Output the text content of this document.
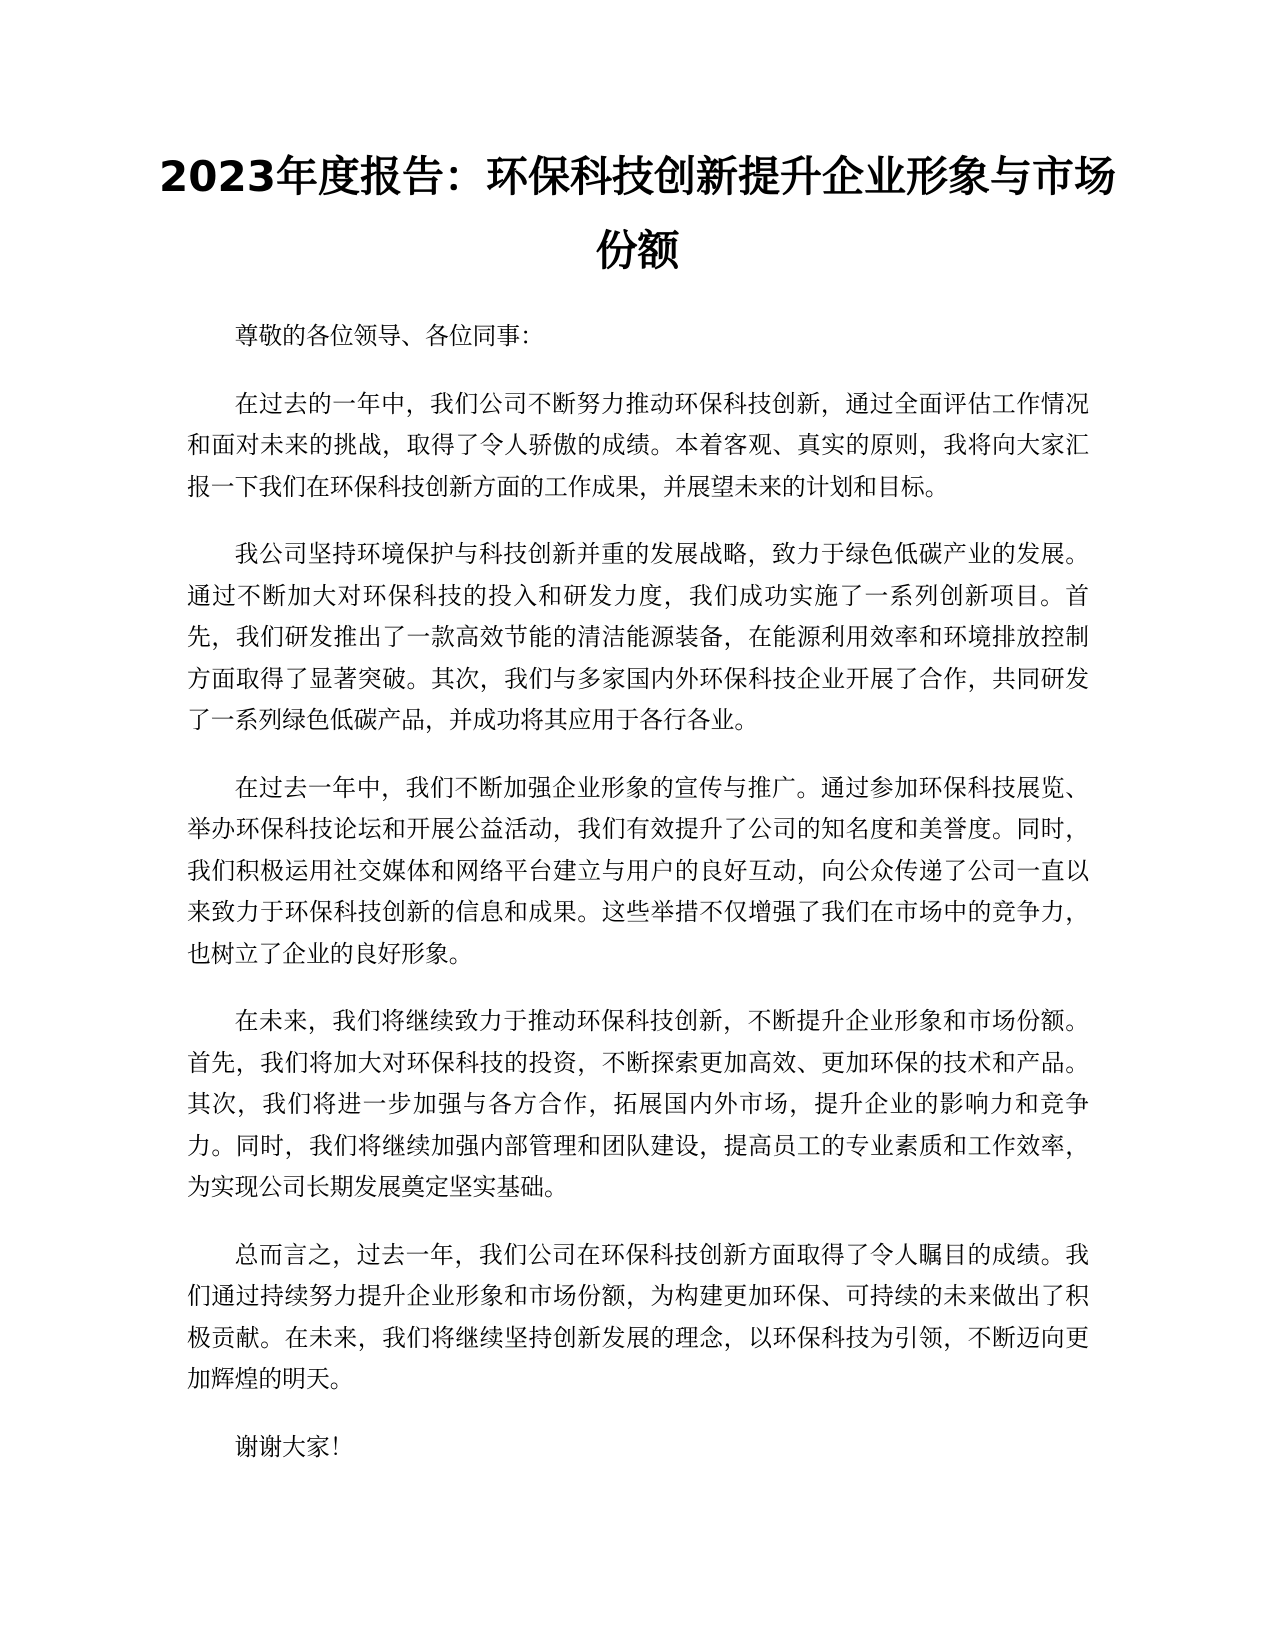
2023年度报告：环保科技创新提升企业形象与市场份额

尊敬的各位领导、各位同事：

在过去的一年中，我们公司不断努力推动环保科技创新，通过全面评估工作情况和面对未来的挑战，取得了令人骄傲的成绩。本着客观、真实的原则，我将向大家汇报一下我们在环保科技创新方面的工作成果，并展望未来的计划和目标。

我公司坚持环境保护与科技创新并重的发展战略，致力于绿色低碳产业的发展。通过不断加大对环保科技的投入和研发力度，我们成功实施了一系列创新项目。首先，我们研发推出了一款高效节能的清洁能源装备，在能源利用效率和环境排放控制方面取得了显著突破。其次，我们与多家国内外环保科技企业开展了合作，共同研发了一系列绿色低碳产品，并成功将其应用于各行各业。

在过去一年中，我们不断加强企业形象的宣传与推广。通过参加环保科技展览、举办环保科技论坛和开展公益活动，我们有效提升了公司的知名度和美誉度。同时，我们积极运用社交媒体和网络平台建立与用户的良好互动，向公众传递了公司一直以来致力于环保科技创新的信息和成果。这些举措不仅增强了我们在市场中的竞争力，也树立了企业的良好形象。

在未来，我们将继续致力于推动环保科技创新，不断提升企业形象和市场份额。首先，我们将加大对环保科技的投资，不断探索更加高效、更加环保的技术和产品。其次，我们将进一步加强与各方合作，拓展国内外市场，提升企业的影响力和竞争力。同时，我们将继续加强内部管理和团队建设，提高员工的专业素质和工作效率，为实现公司长期发展奠定坚实基础。

总而言之，过去一年，我们公司在环保科技创新方面取得了令人瞩目的成绩。我们通过持续努力提升企业形象和市场份额，为构建更加环保、可持续的未来做出了积极贡献。在未来，我们将继续坚持创新发展的理念，以环保科技为引领，不断迈向更加辉煌的明天。

谢谢大家！
